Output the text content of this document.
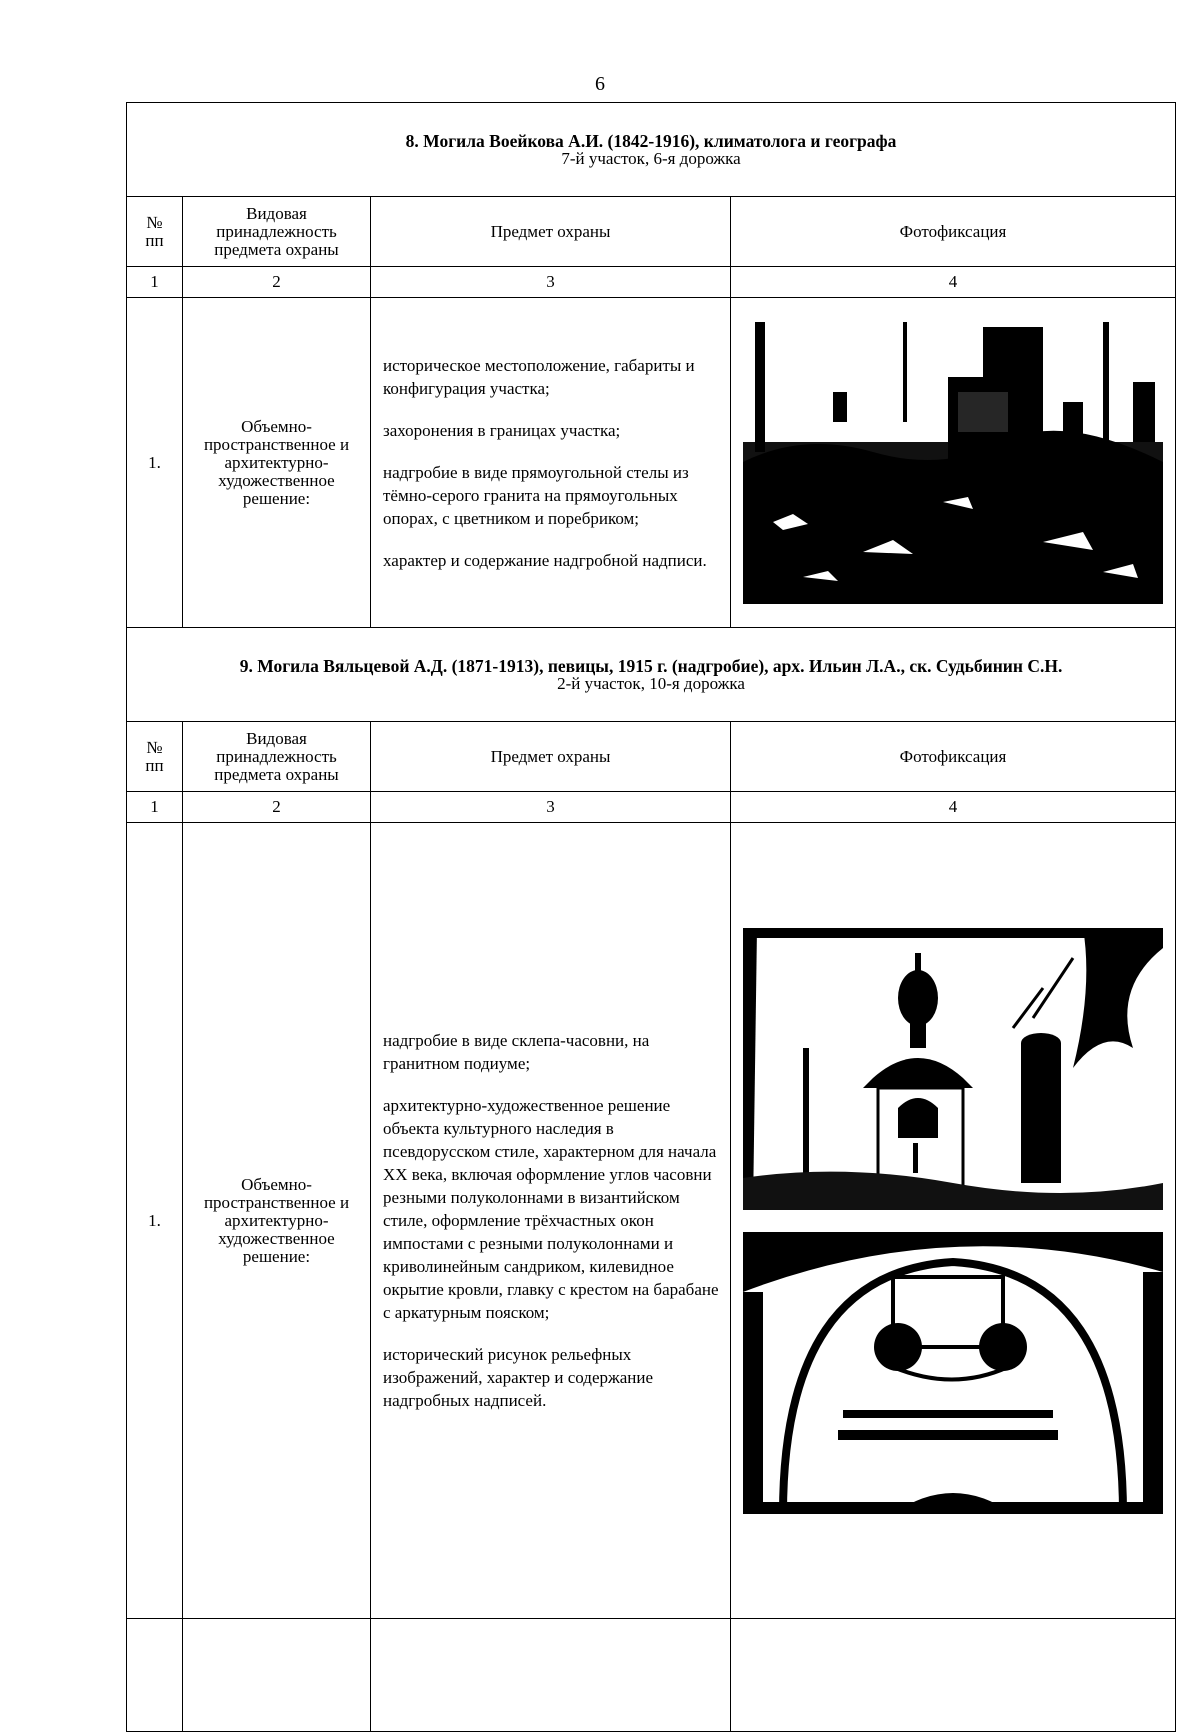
6
8. Могила Воейкова А.И. (1842-1916), климатолога и географа
7-й участок, 6-я дорожка			

№
пп	Видовая принадлежность предмета охраны	Предмет охраны	Фотофиксация
1	2	3	4
1.	Объемно-пространственное и архитектурно-художественное решение:	историческое местоположение, габариты и конфигурация участка;

захоронения в границах участка;

надгробие в виде прямоугольной стелы из тёмно-серого гранита на прямоугольных опорах, с цветником и поребриком;

характер и содержание надгробной надписи.

9. Могила Вяльцевой А.Д. (1871-1913), певицы, 1915 г. (надгробие), арх. Ильин Л.А., ск. Судьбинин С.Н.
2-й участок, 10-я дорожка			

№
пп	Видовая принадлежность предмета охраны	Предмет охраны	Фотофиксация
1	2	3	4
1.	Объемно-пространственное и архитектурно-художественное решение:	надгробие в виде склепа-часовни, на гранитном подиуме;

архитектурно-художественное решение объекта культурного наследия в псевдорусском стиле, характерном для начала XX века, включая оформление углов часовни резными полуколоннами в византийском стиле, оформление трёхчастных окон импостами с резными полуколоннами и криволинейным сандриком, килевидное окрытие кровли, главку с крестом на барабане с аркатурным пояском;

исторический рисунок рельефных изображений, характер и содержание надгробных надписей.
